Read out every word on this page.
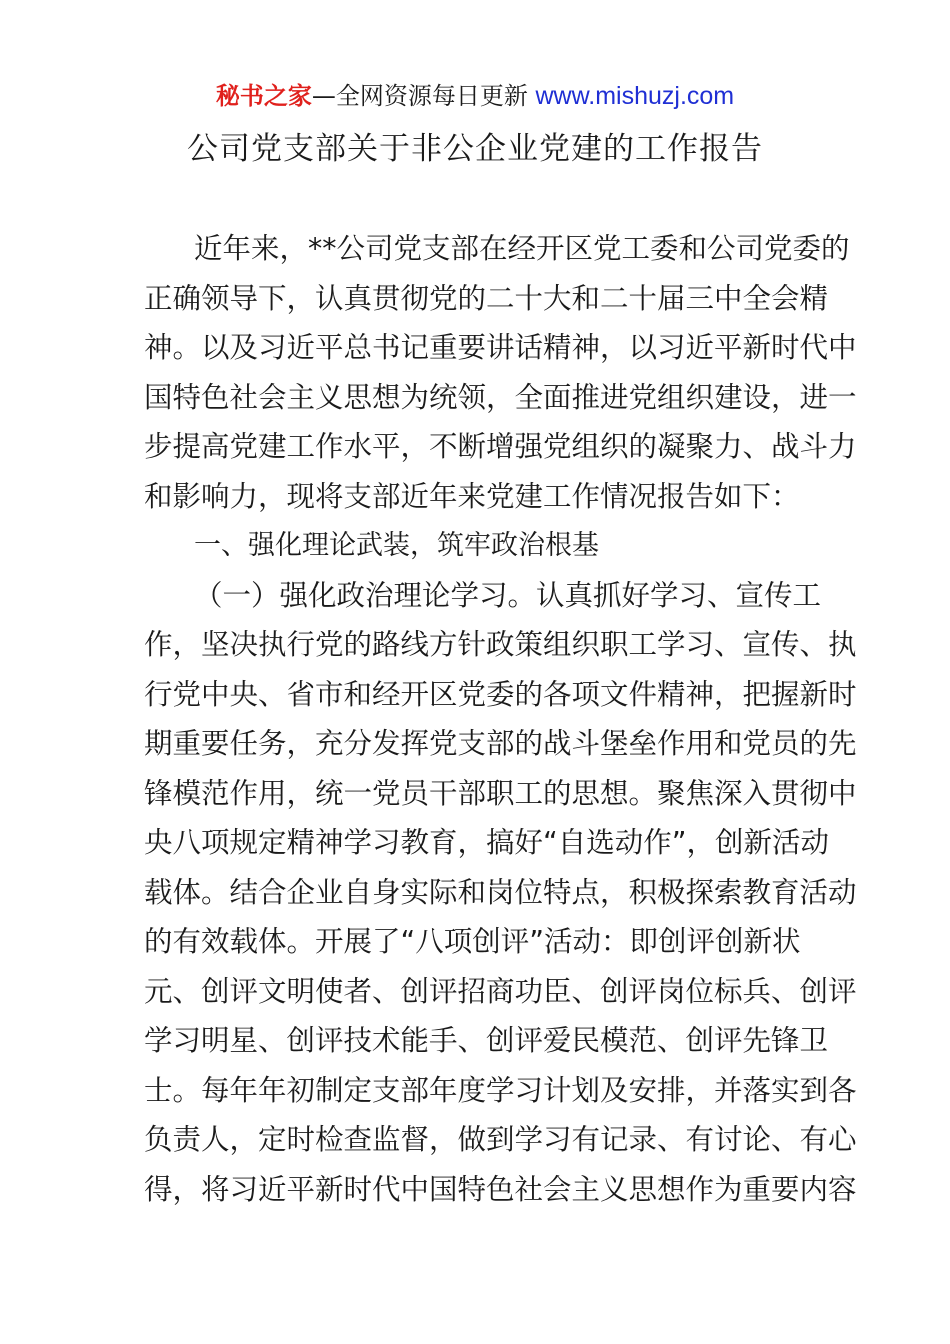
秘书之家—全网资源每日更新 www.mishuzj.com
公司党支部关于非公企业党建的工作报告
近年来，**公司党支部在经开区党工委和公司党委的
正确领导下，认真贯彻党的二十大和二十届三中全会精
神。以及习近平总书记重要讲话精神，以习近平新时代中
国特色社会主义思想为统领，全面推进党组织建设，进一
步提高党建工作水平，不断增强党组织的凝聚力、战斗力
和影响力，现将支部近年来党建工作情况报告如下：
一、强化理论武装，筑牢政治根基
（一）强化政治理论学习。认真抓好学习、宣传工
作，坚决执行党的路线方针政策组织职工学习、宣传、执
行党中央、省市和经开区党委的各项文件精神，把握新时
期重要任务，充分发挥党支部的战斗堡垒作用和党员的先
锋模范作用，统一党员干部职工的思想。聚焦深入贯彻中
央八项规定精神学习教育，搞好“自选动作”，创新活动
载体。结合企业自身实际和岗位特点，积极探索教育活动
的有效载体。开展了“八项创评”活动：即创评创新状
元、创评文明使者、创评招商功臣、创评岗位标兵、创评
学习明星、创评技术能手、创评爱民模范、创评先锋卫
士。每年年初制定支部年度学习计划及安排，并落实到各
负责人，定时检查监督，做到学习有记录、有讨论、有心
得，将习近平新时代中国特色社会主义思想作为重要内容
